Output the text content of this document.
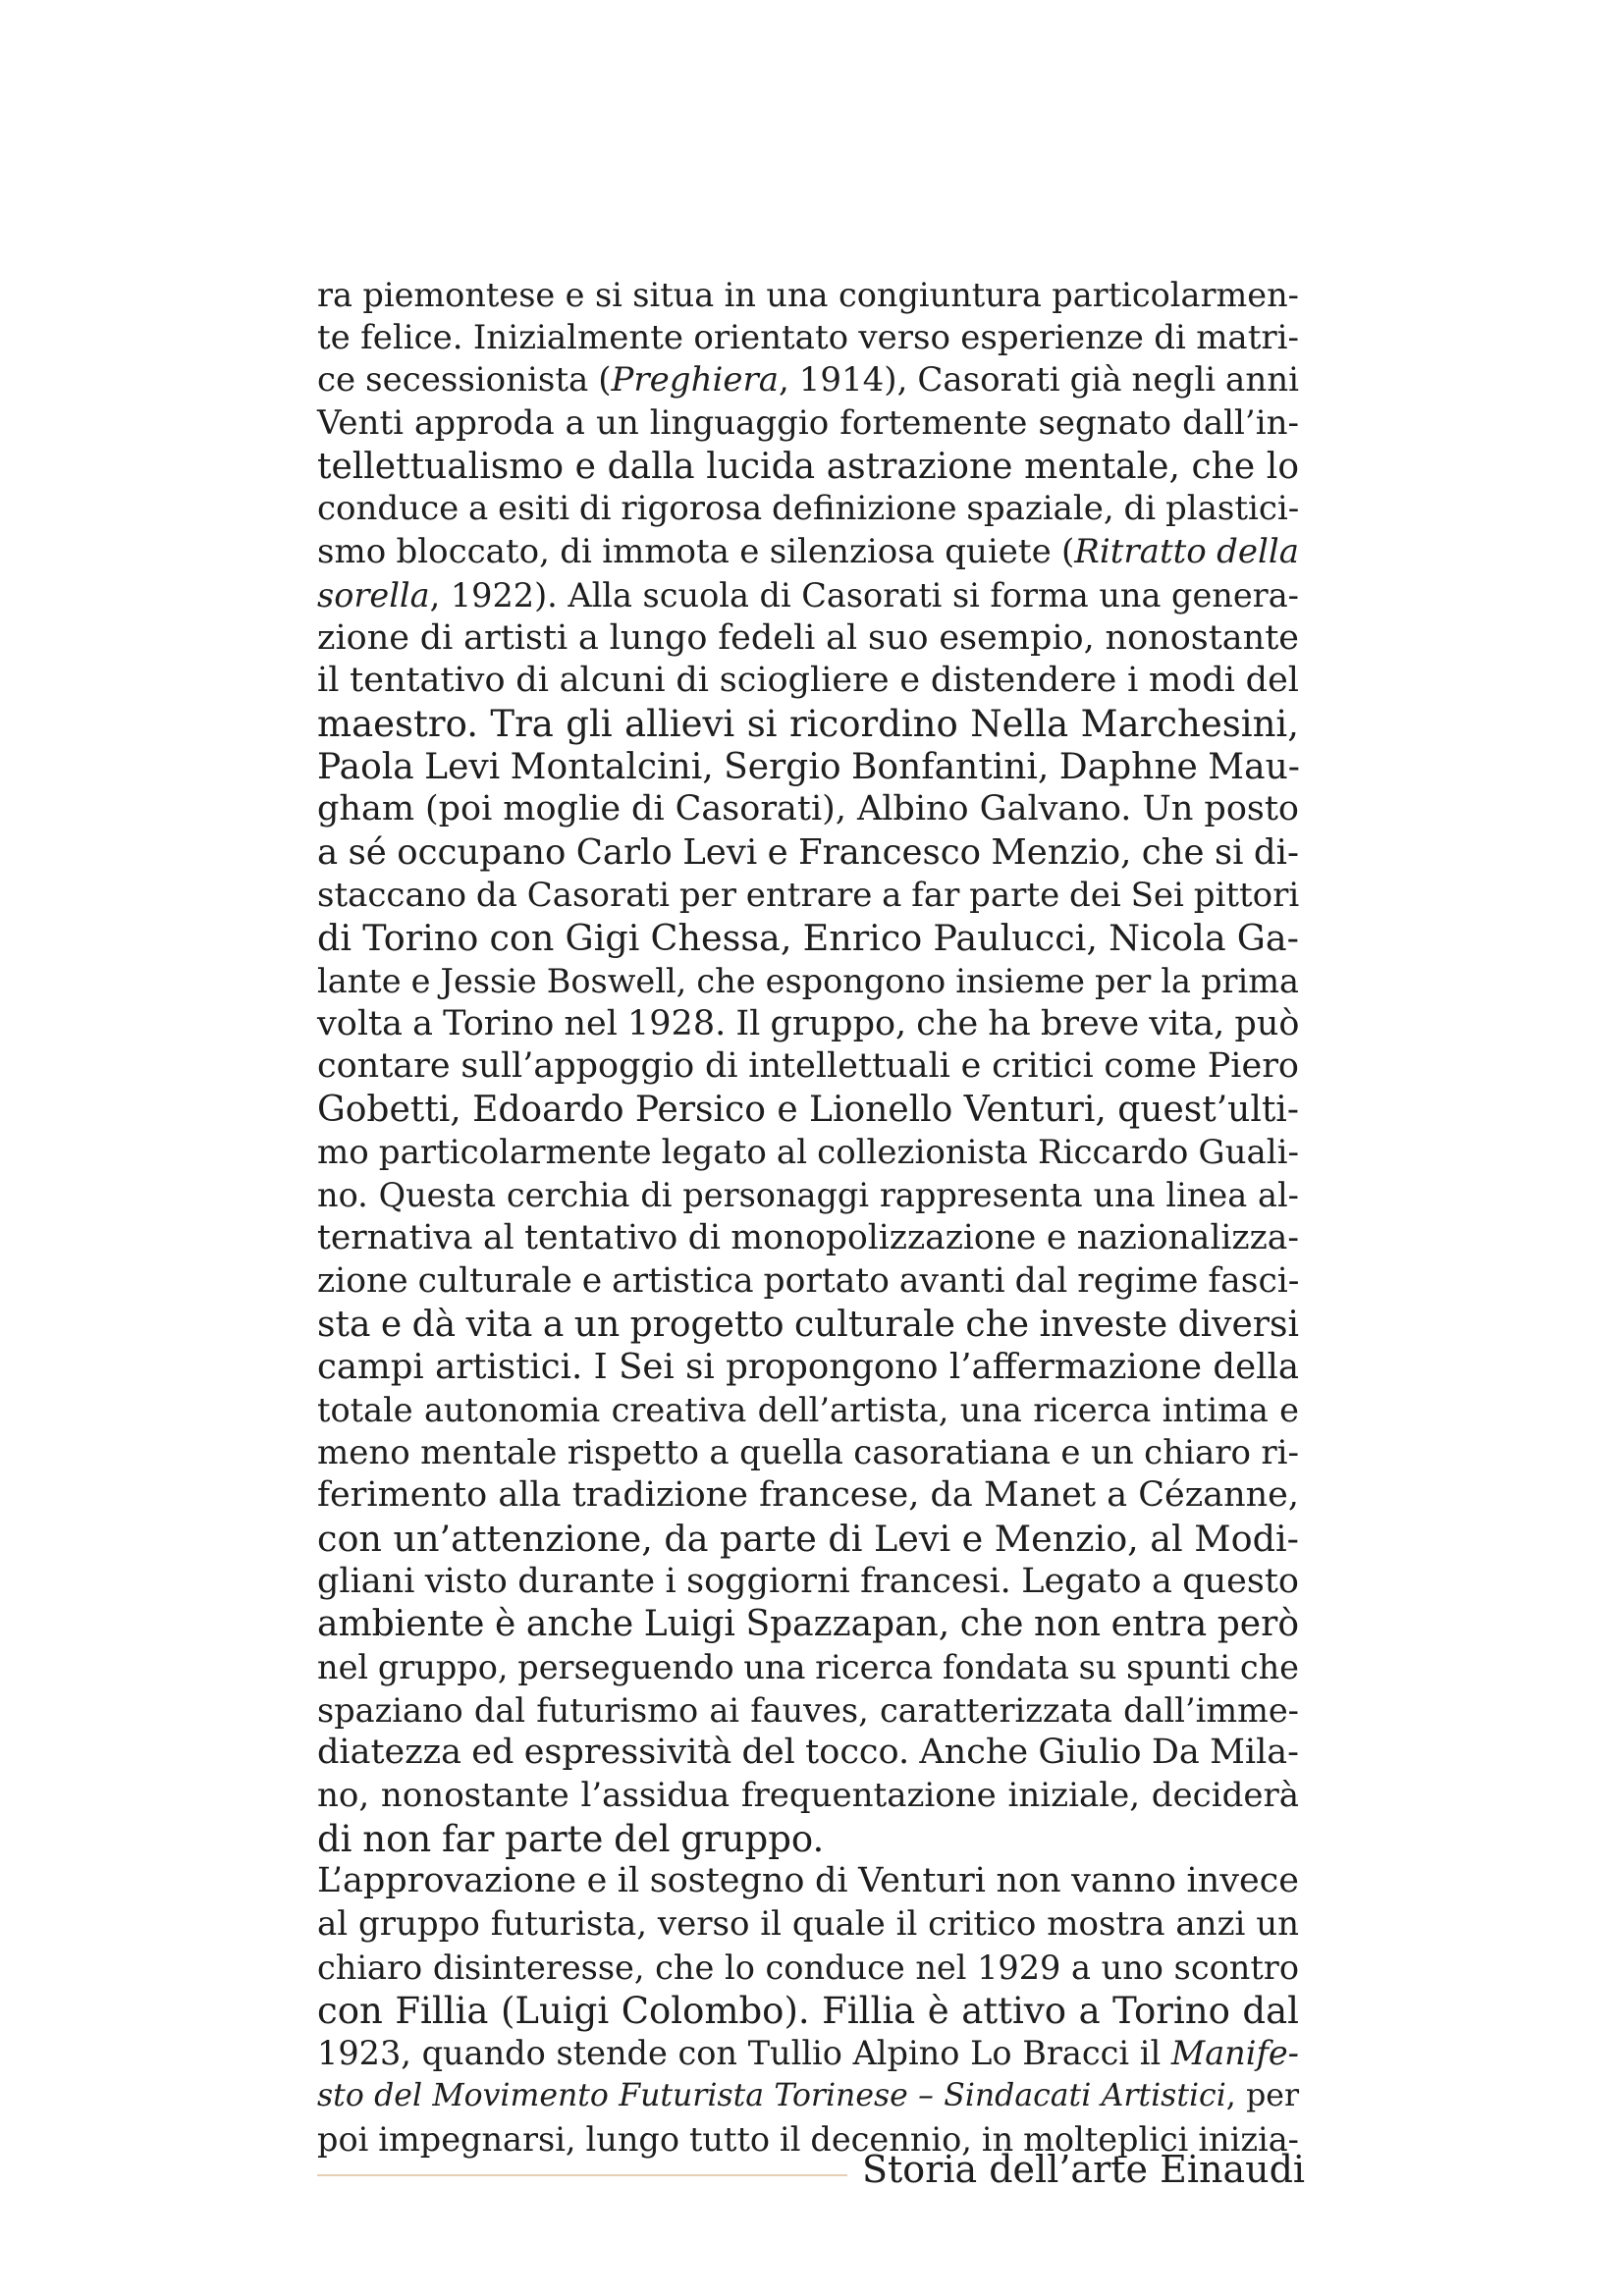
ra piemontese e si situa in una congiuntura particolarmen-
te felice. Inizialmente orientato verso esperienze di matri-
ce secessionista (Preghiera, 1914), Casorati già negli anni
Venti approda a un linguaggio fortemente segnato dall’in-
tellettualismo e dalla lucida astrazione mentale, che lo
conduce a esiti di rigorosa definizione spaziale, di plastici-
smo bloccato, di immota e silenziosa quiete (Ritratto della
sorella, 1922). Alla scuola di Casorati si forma una genera-
zione di artisti a lungo fedeli al suo esempio, nonostante
il tentativo di alcuni di sciogliere e distendere i modi del
maestro. Tra gli allievi si ricordino Nella Marchesini,
Paola Levi Montalcini, Sergio Bonfantini, Daphne Mau-
gham (poi moglie di Casorati), Albino Galvano. Un posto
a sé occupano Carlo Levi e Francesco Menzio, che si di-
staccano da Casorati per entrare a far parte dei Sei pittori
di Torino con Gigi Chessa, Enrico Paulucci, Nicola Ga-
lante e Jessie Boswell, che espongono insieme per la prima
volta a Torino nel 1928. Il gruppo, che ha breve vita, può
contare sull’appoggio di intellettuali e critici come Piero
Gobetti, Edoardo Persico e Lionello Venturi, quest’ulti-
mo particolarmente legato al collezionista Riccardo Guali-
no. Questa cerchia di personaggi rappresenta una linea al-
ternativa al tentativo di monopolizzazione e nazionalizza-
zione culturale e artistica portato avanti dal regime fasci-
sta e dà vita a un progetto culturale che investe diversi
campi artistici. I Sei si propongono l’affermazione della
totale autonomia creativa dell’artista, una ricerca intima e
meno mentale rispetto a quella casoratiana e un chiaro ri-
ferimento alla tradizione francese, da Manet a Cézanne,
con un’attenzione, da parte di Levi e Menzio, al Modi-
gliani visto durante i soggiorni francesi. Legato a questo
ambiente è anche Luigi Spazzapan, che non entra però
nel gruppo, perseguendo una ricerca fondata su spunti che
spaziano dal futurismo ai fauves, caratterizzata dall’imme-
diatezza ed espressività del tocco. Anche Giulio Da Mila-
no, nonostante l’assidua frequentazione iniziale, deciderà
di non far parte del gruppo.
L’approvazione e il sostegno di Venturi non vanno invece
al gruppo futurista, verso il quale il critico mostra anzi un
chiaro disinteresse, che lo conduce nel 1929 a uno scontro
con Fillia (Luigi Colombo). Fillia è attivo a Torino dal
1923, quando stende con Tullio Alpino Lo Bracci il Manife-
sto del Movimento Futurista Torinese – Sindacati Artistici, per
poi impegnarsi, lungo tutto il decennio, in molteplici inizia-
Storia dell’arte Einaudi
